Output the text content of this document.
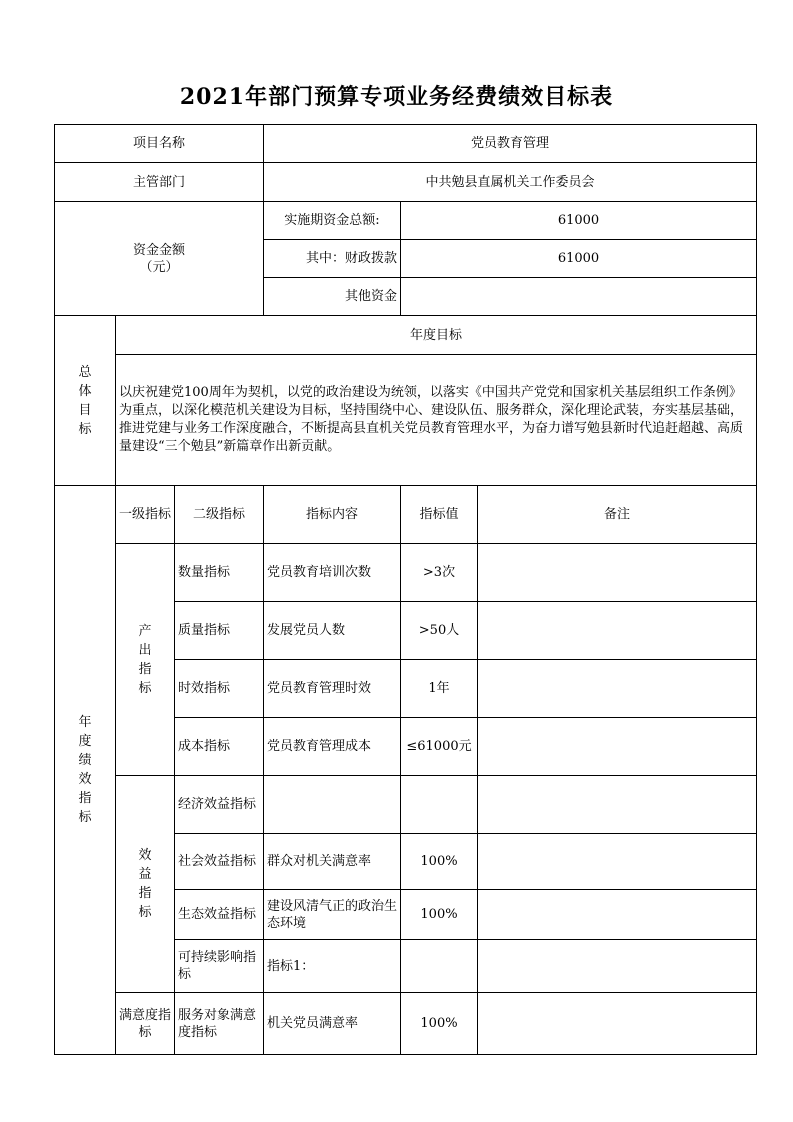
2021年部门预算专项业务经费绩效目标表
项目名称			党员教育管理		
主管部门			中共勉县直属机关工作委员会		
资金金额
（元）			实施期资金总额:	61000	
			其中：财政拨款	61000	
			其他资金		
总体目标	年度目标				
	以庆祝建党100周年为契机，以党的政治建设为统领，以落实《中国共产党党和国家机关基层组织工作条例》为重点，以深化模范机关建设为目标，坚持围绕中心、建设队伍、服务群众，深化理论武装，夯实基层基础，推进党建与业务工作深度融合，不断提高县直机关党员教育管理水平，为奋力谱写勉县新时代追赶超越、高质量建设“三个勉县”新篇章作出新贡献。				
年度绩效指标	一级指标	二级指标	指标内容	指标值	备注
	产出指标	数量指标	党员教育培训次数	>3次	
		质量指标	发展党员人数	>50人	
		时效指标	党员教育管理时效	1年	
		成本指标	党员教育管理成本	≤61000元	
	效益指标	经济效益指标			
		社会效益指标	群众对机关满意率	100%	
		生态效益指标	建设风清气正的政治生态环境	100%	
		可持续影响指标	指标1：		
	满意度指标	服务对象满意度指标	机关党员满意率	100%	
